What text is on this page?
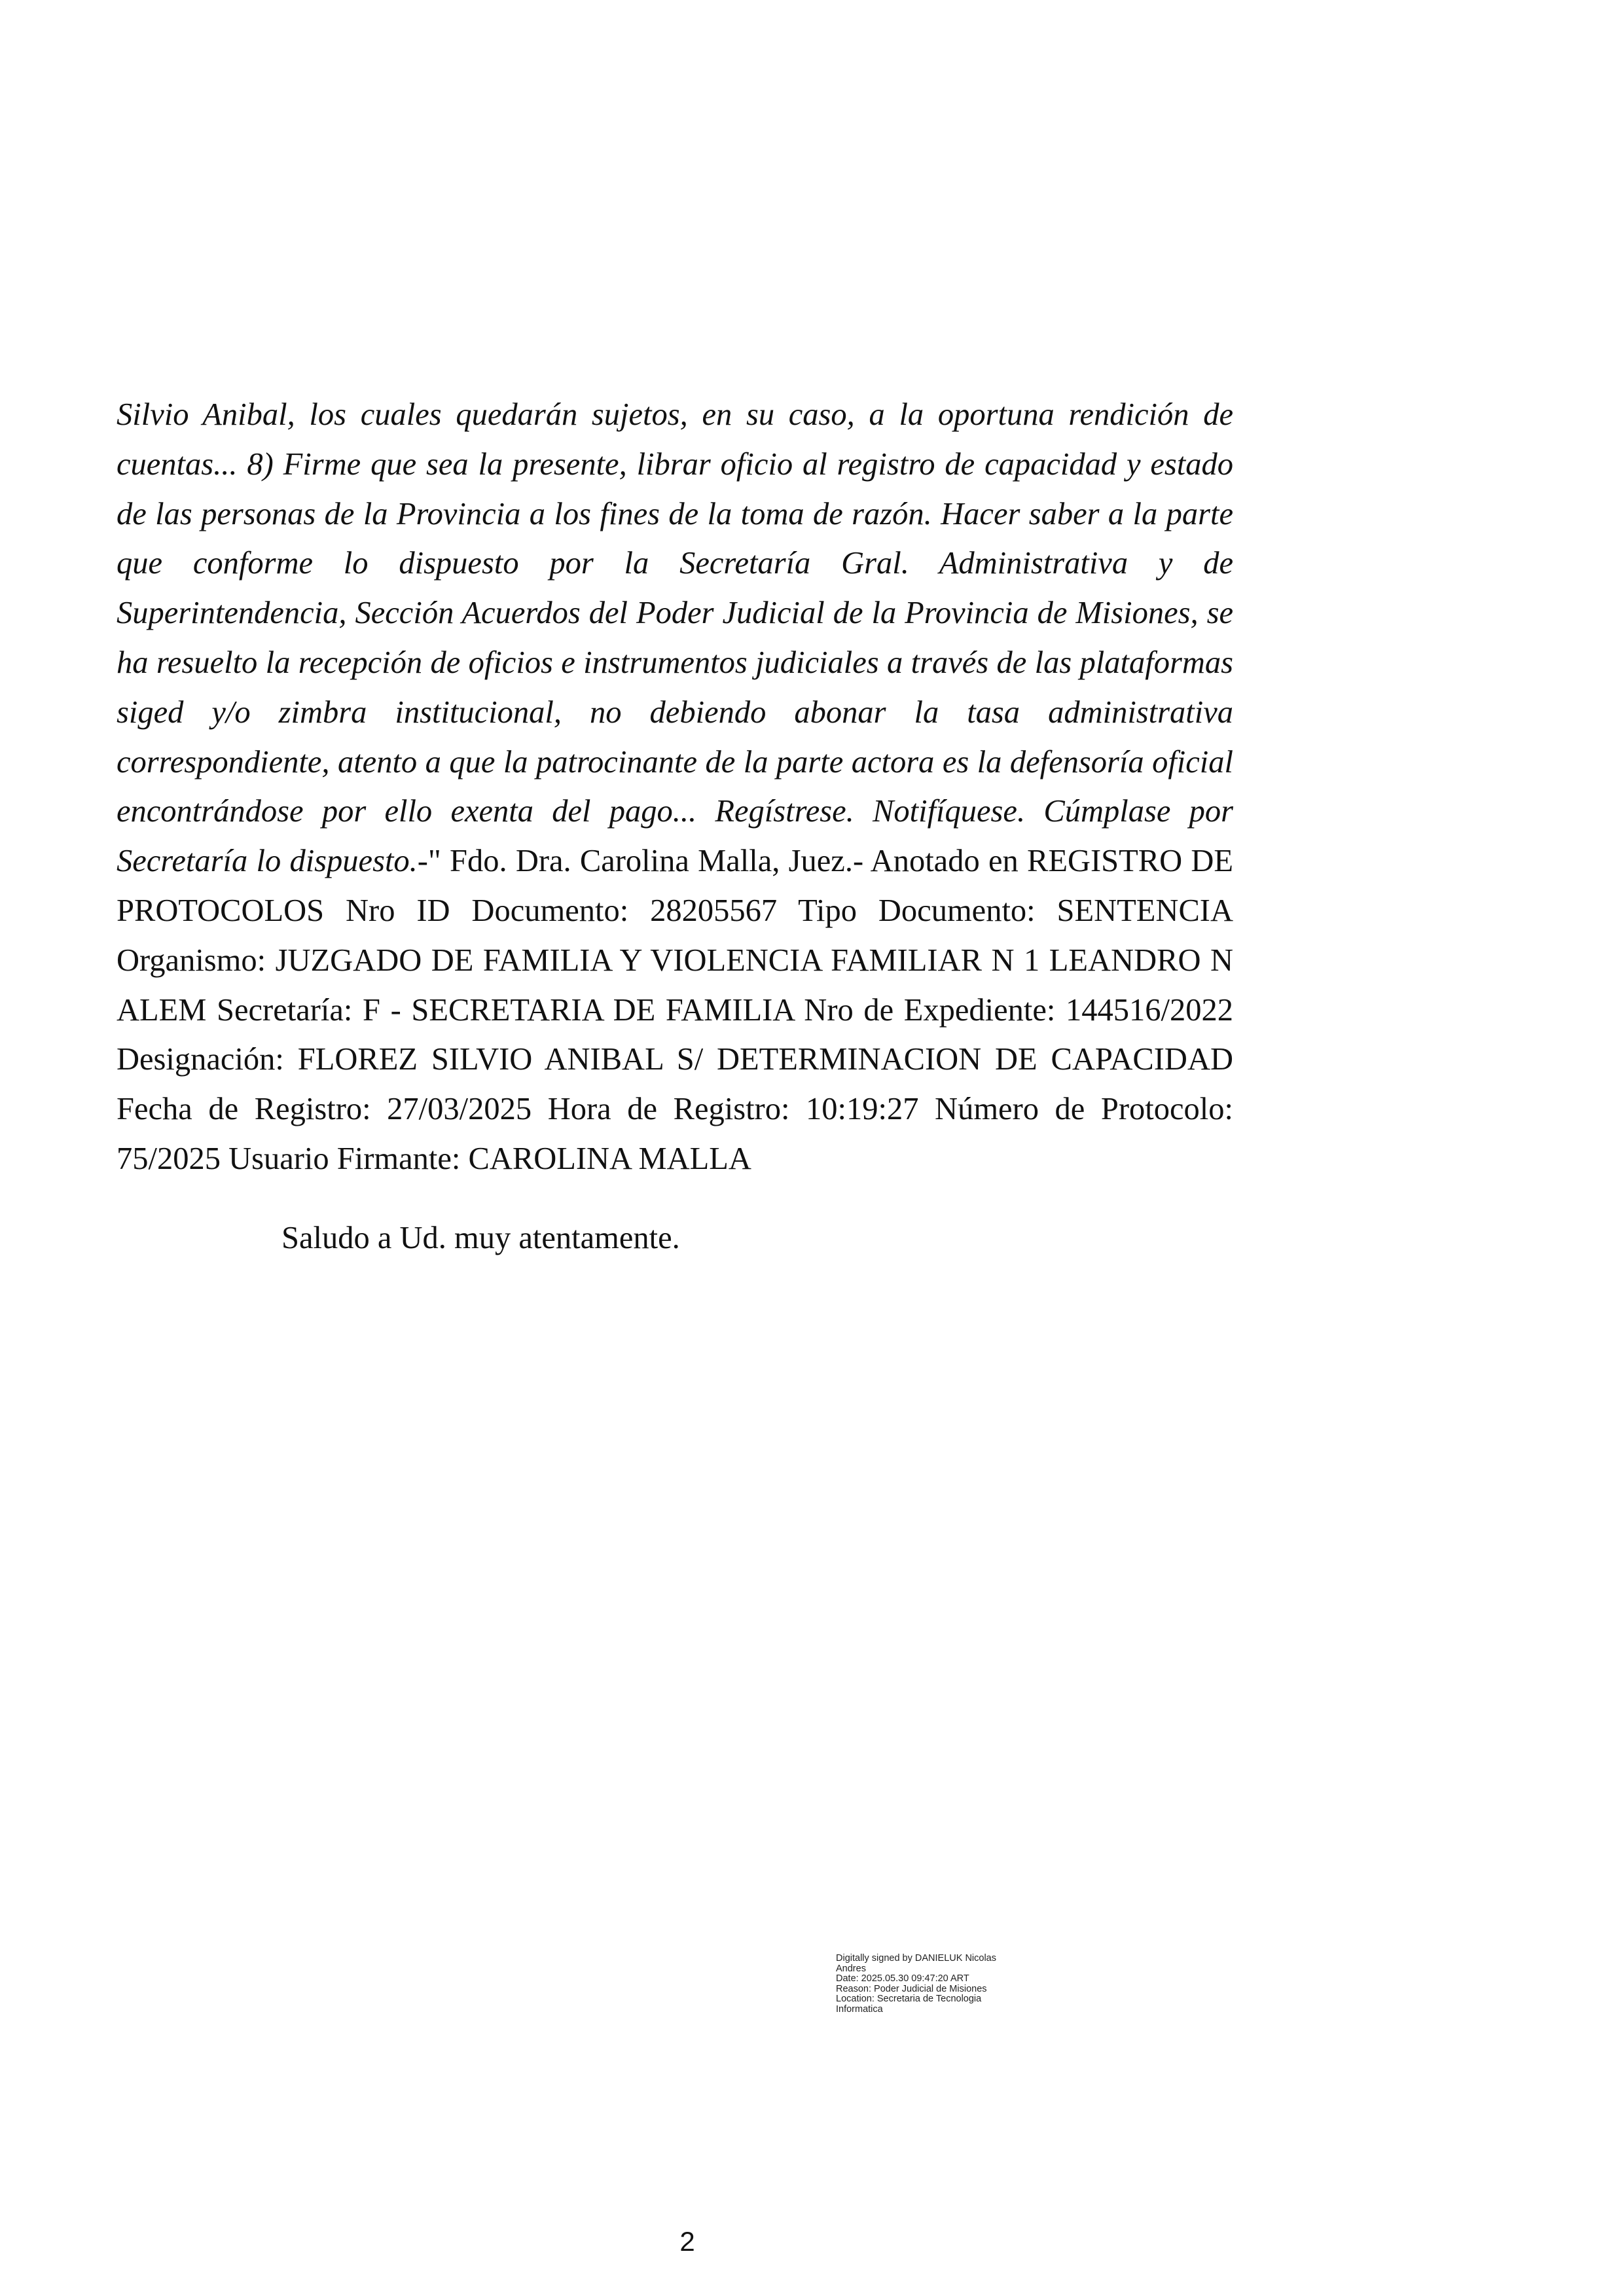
Silvio Anibal, los cuales quedarán sujetos, en su caso, a la oportuna rendición de cuentas... 8) Firme que sea la presente, librar oficio al registro de capacidad y estado de las personas de la Provincia a los fines de la toma de razón. Hacer saber a la parte que conforme lo dispuesto por la Secretaría Gral. Administrativa y de Superintendencia, Sección Acuerdos del Poder Judicial de la Provincia de Misiones, se ha resuelto la recepción de oficios e instrumentos judiciales a través de las plataformas siged y/o zimbra institucional, no debiendo abonar la tasa administrativa correspondiente, atento a que la patrocinante de la parte actora es la defensoría oficial encontrándose por ello exenta del pago... Regístrese. Notifíquese. Cúmplase por Secretaría lo dispuesto.-" Fdo. Dra. Carolina Malla, Juez.- Anotado en REGISTRO DE PROTOCOLOS Nro ID Documento: 28205567 Tipo Documento: SENTENCIA Organismo: JUZGADO DE FAMILIA Y VIOLENCIA FAMILIAR N 1 LEANDRO N ALEM Secretaría: F - SECRETARIA DE FAMILIA Nro de Expediente: 144516/2022 Designación: FLOREZ SILVIO ANIBAL S/ DETERMINACION DE CAPACIDAD Fecha de Registro: 27/03/2025 Hora de Registro: 10:19:27 Número de Protocolo: 75/2025 Usuario Firmante: CAROLINA MALLA

Saludo a Ud. muy atentamente.

Digitally signed by DANIELUK Nicolas
Andres
Date: 2025.05.30 09:47:20 ART
Reason: Poder Judicial de Misiones
Location: Secretaria de Tecnologia
Informatica
2
